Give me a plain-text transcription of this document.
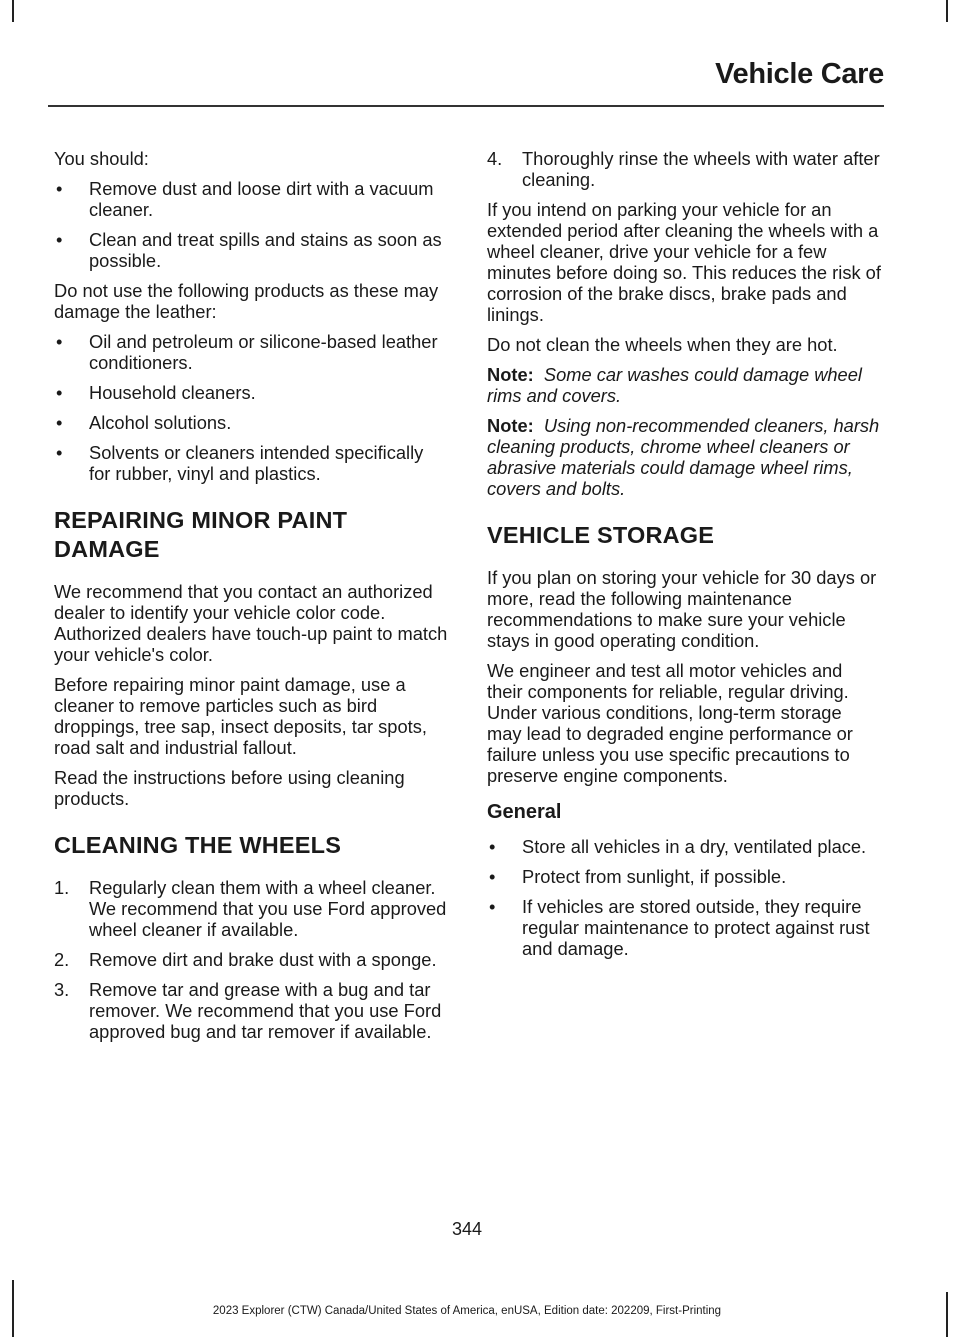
Vehicle Care

You should:

• Remove dust and loose dirt with a vacuum cleaner.
• Clean and treat spills and stains as soon as possible.

Do not use the following products as these may damage the leather:

• Oil and petroleum or silicone-based leather conditioners.
• Household cleaners.
• Alcohol solutions.
• Solvents or cleaners intended specifically for rubber, vinyl and plastics.
REPAIRING MINOR PAINT DAMAGE

We recommend that you contact an authorized dealer to identify your vehicle color code. Authorized dealers have touch-up paint to match your vehicle's color.

Before repairing minor paint damage, use a cleaner to remove particles such as bird droppings, tree sap, insect deposits, tar spots, road salt and industrial fallout.

Read the instructions before using cleaning products.

CLEANING THE WHEELS
1. Regularly clean them with a wheel cleaner. We recommend that you use Ford approved wheel cleaner if available.
2. Remove dirt and brake dust with a sponge.
3. Remove tar and grease with a bug and tar remover. We recommend that you use Ford approved bug and tar remover if available.
4. Thoroughly rinse the wheels with water after cleaning.

If you intend on parking your vehicle for an extended period after cleaning the wheels with a wheel cleaner, drive your vehicle for a few minutes before doing so. This reduces the risk of corrosion of the brake discs, brake pads and linings.

Do not clean the wheels when they are hot.

Note: Some car washes could damage wheel rims and covers.

Note: Using non-recommended cleaners, harsh cleaning products, chrome wheel cleaners or abrasive materials could damage wheel rims, covers and bolts.

VEHICLE STORAGE

If you plan on storing your vehicle for 30 days or more, read the following maintenance recommendations to make sure your vehicle stays in good operating condition.

We engineer and test all motor vehicles and their components for reliable, regular driving. Under various conditions, long-term storage may lead to degraded engine performance or failure unless you use specific precautions to preserve engine components.

General
• Store all vehicles in a dry, ventilated place.
• Protect from sunlight, if possible.
• If vehicles are stored outside, they require regular maintenance to protect against rust and damage.
344
2023 Explorer (CTW) Canada/United States of America, enUSA, Edition date: 202209, First-Printing
